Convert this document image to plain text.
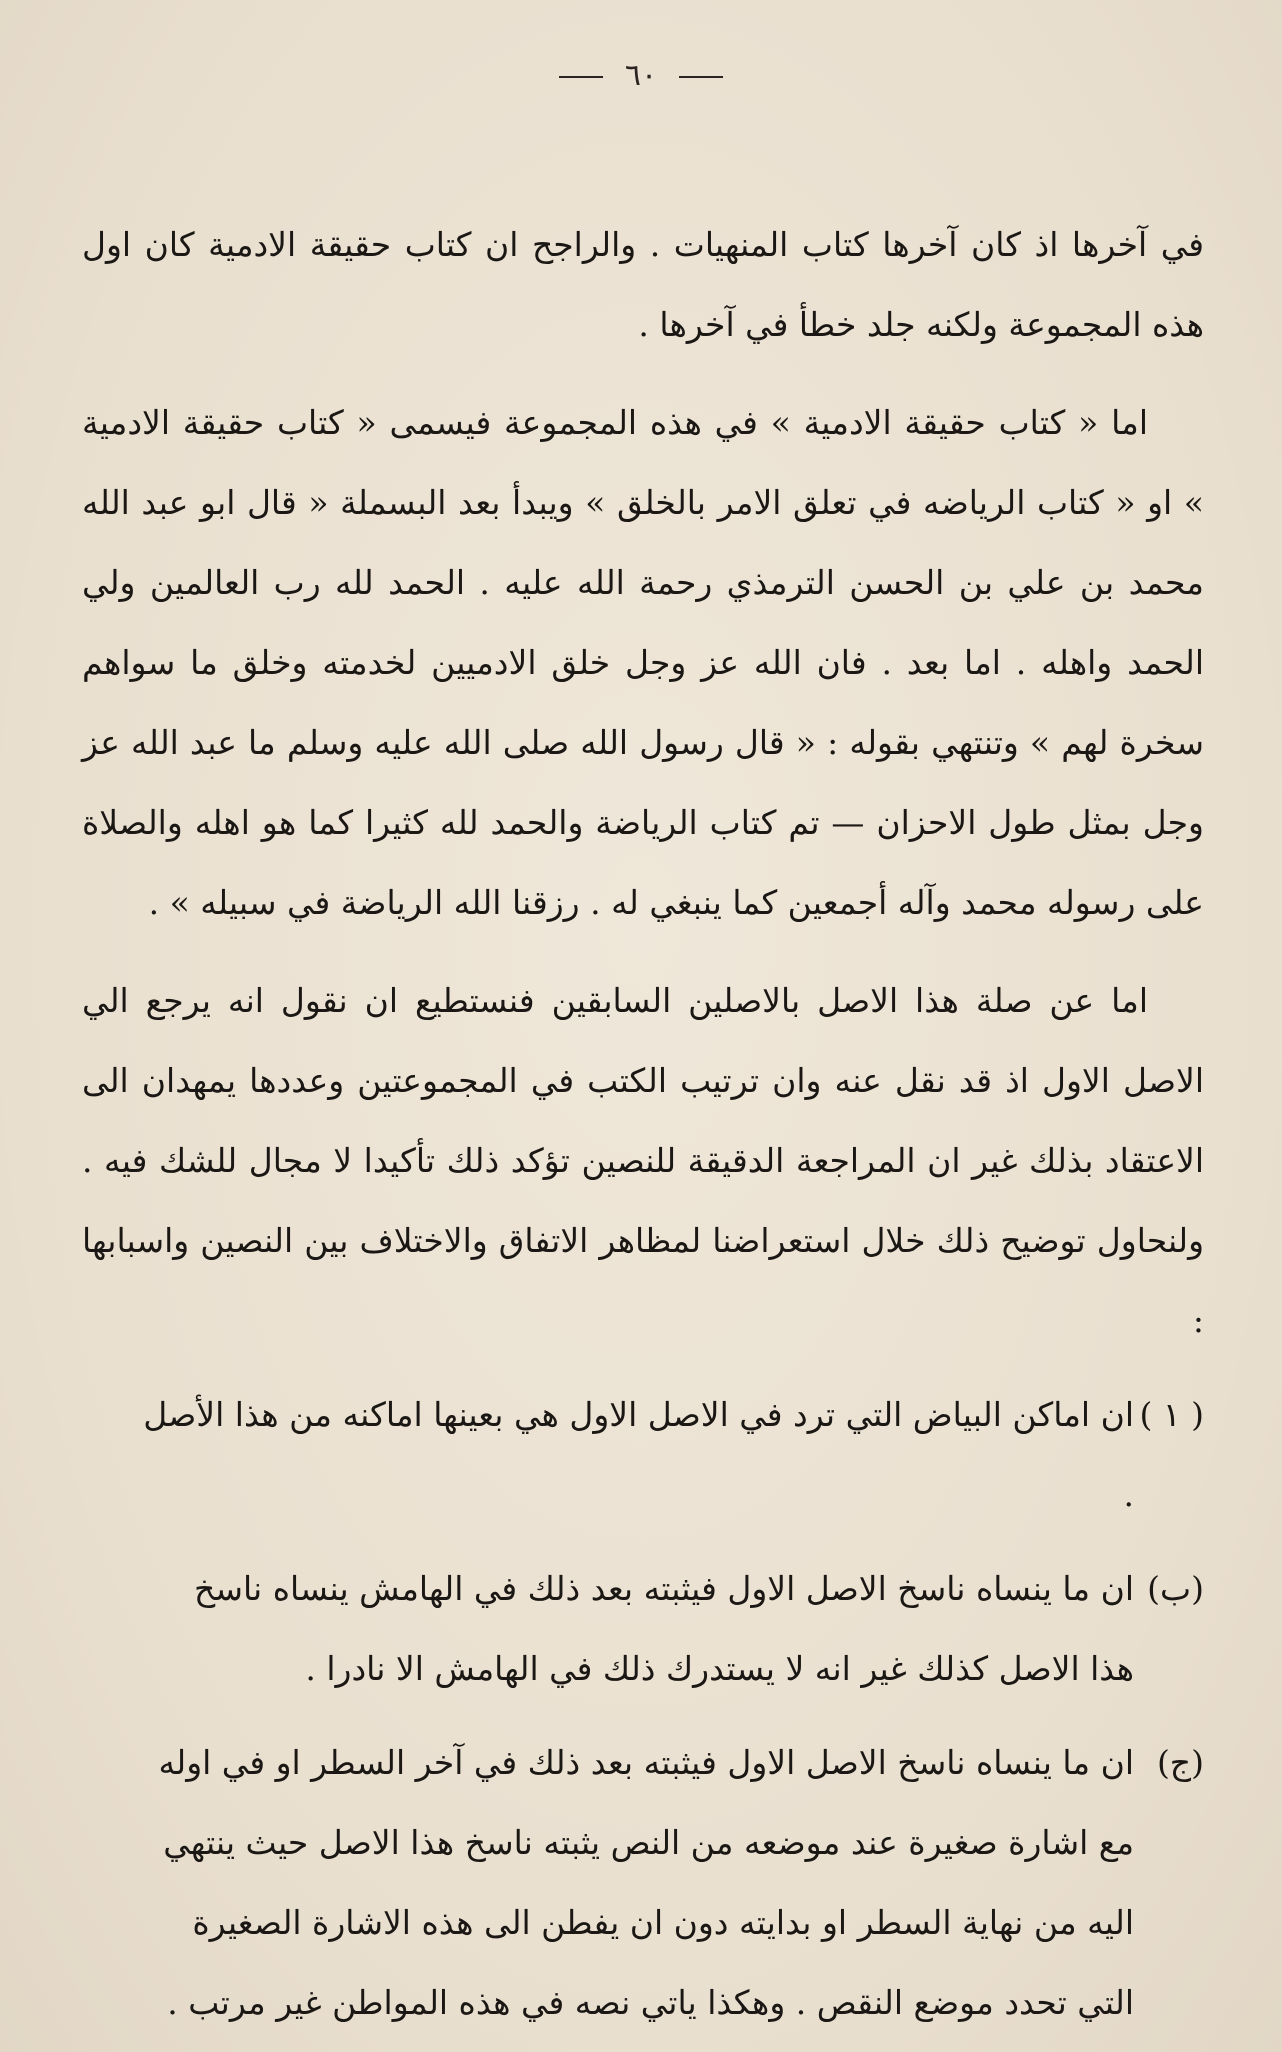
٦٠

في آخرها اذ كان آخرها كتاب المنهيات . والراجح ان كتاب حقيقة الادمية كان اول هذه المجموعة ولكنه جلد خطأ في آخرها .

اما « كتاب حقيقة الادمية » في هذه المجموعة فيسمى « كتاب حقيقة الادمية » او « كتاب الرياضه في تعلق الامر بالخلق » ويبدأ بعد البسملة « قال ابو عبد الله محمد بن علي بن الحسن الترمذي رحمة الله عليه . الحمد لله رب العالمين ولي الحمد واهله . اما بعد . فان الله عز وجل خلق الادميين لخدمته وخلق ما سواهم سخرة لهم » وتنتهي بقوله : « قال رسول الله صلى الله عليه وسلم ما عبد الله عز وجل بمثل طول الاحزان — تم كتاب الرياضة والحمد لله كثيرا كما هو اهله والصلاة على رسوله محمد وآله أجمعين كما ينبغي له . رزقنا الله الرياضة في سبيله » .

اما عن صلة هذا الاصل بالاصلين السابقين فنستطيع ان نقول انه يرجع الي الاصل الاول اذ قد نقل عنه وان ترتيب الكتب في المجموعتين وعددها يمهدان الى الاعتقاد بذلك غير ان المراجعة الدقيقة للنصين تؤكد ذلك تأكيدا لا مجال للشك فيه . ولنحاول توضيح ذلك خلال استعراضنا لمظاهر الاتفاق والاختلاف بين النصين واسبابها :

( ١ )

ان اماكن البياض التي ترد في الاصل الاول هي بعينها اماكنه من هذا الأصل .

(ب)

ان ما ينساه ناسخ الاصل الاول فيثبته بعد ذلك في الهامش ينساه ناسخ هذا الاصل كذلك غير انه لا يستدرك ذلك في الهامش الا نادرا .

(ج)

ان ما ينساه ناسخ الاصل الاول فيثبته بعد ذلك في آخر السطر او في اوله مع اشارة صغيرة عند موضعه من النص يثبته ناسخ هذا الاصل حيث ينتهي اليه من نهاية السطر او بدايته دون ان يفطن الى هذه الاشارة الصغيرة التي تحدد موضع النقص . وهكذا ياتي نصه في هذه المواطن غير مرتب .
